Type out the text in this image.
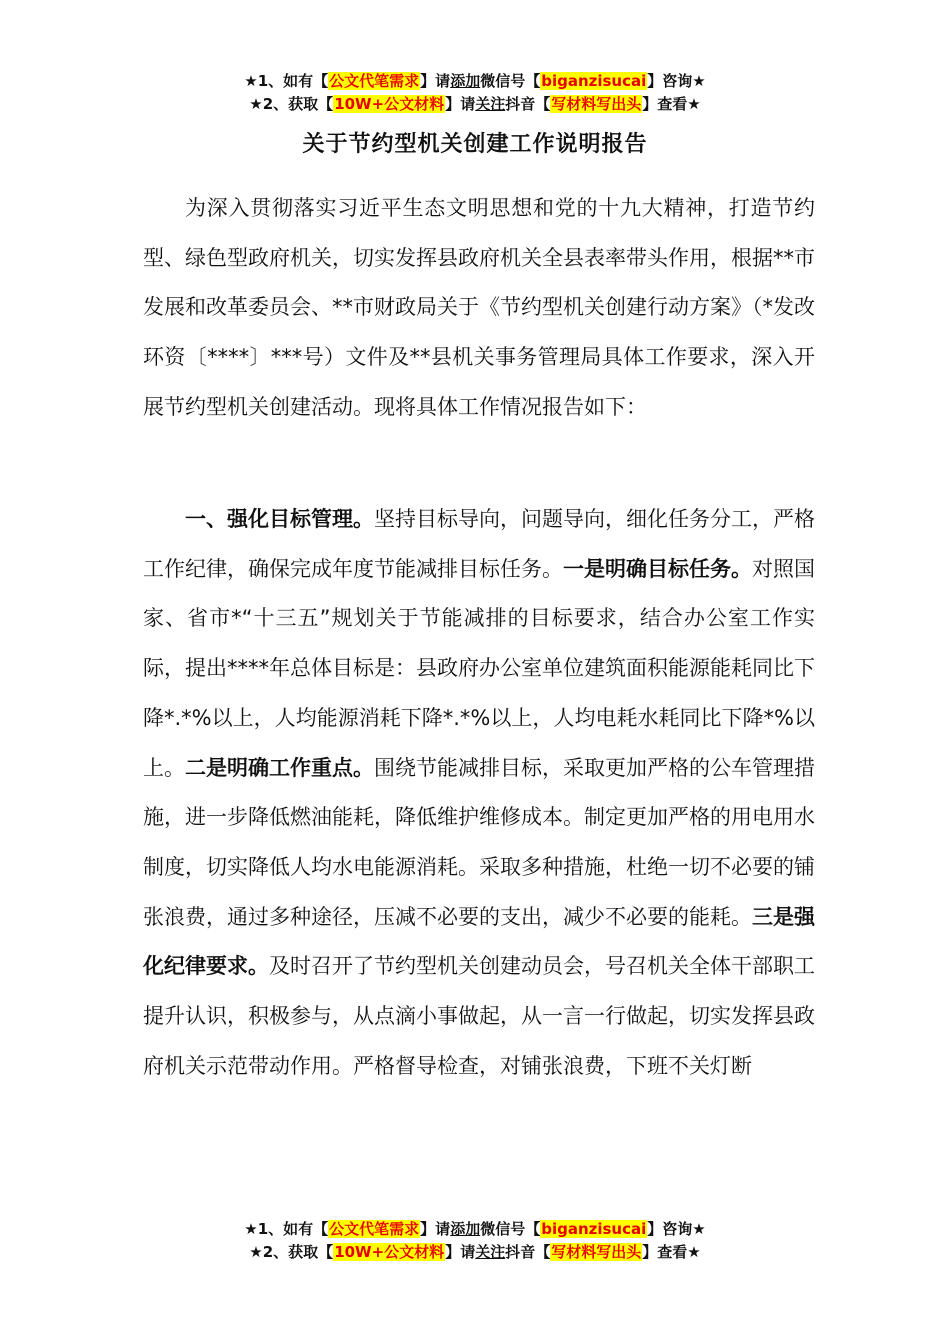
★1、如有【公文代笔需求】请添加微信号【biganzisucai】咨询★
★2、获取【10W+公文材料】请关注抖音【写材料写出头】查看★
关于节约型机关创建工作说明报告

为深入贯彻落实习近平生态文明思想和党的十九大精神，打造节约型、绿色型政府机关，切实发挥县政府机关全县表率带头作用，根据**市发展和改革委员会、**市财政局关于《节约型机关创建行动方案》（*发改环资〔****〕***号）文件及**县机关事务管理局具体工作要求，深入开展节约型机关创建活动。现将具体工作情况报告如下：

一、强化目标管理。坚持目标导向，问题导向，细化任务分工，严格工作纪律，确保完成年度节能减排目标任务。一是明确目标任务。对照国家、省市*“十三五”规划关于节能减排的目标要求，结合办公室工作实际，提出****年总体目标是：县政府办公室单位建筑面积能源能耗同比下降*.*%以上，人均能源消耗下降*.*%以上，人均电耗水耗同比下降*%以上。二是明确工作重点。围绕节能减排目标，采取更加严格的公车管理措施，进一步降低燃油能耗，降低维护维修成本。制定更加严格的用电用水制度，切实降低人均水电能源消耗。采取多种措施，杜绝一切不必要的铺张浪费，通过多种途径，压减不必要的支出，减少不必要的能耗。三是强化纪律要求。及时召开了节约型机关创建动员会，号召机关全体干部职工提升认识，积极参与，从点滴小事做起，从一言一行做起，切实发挥县政府机关示范带动作用。严格督导检查，对铺张浪费，下班不关灯断

★1、如有【公文代笔需求】请添加微信号【biganzisucai】咨询★
★2、获取【10W+公文材料】请关注抖音【写材料写出头】查看★
